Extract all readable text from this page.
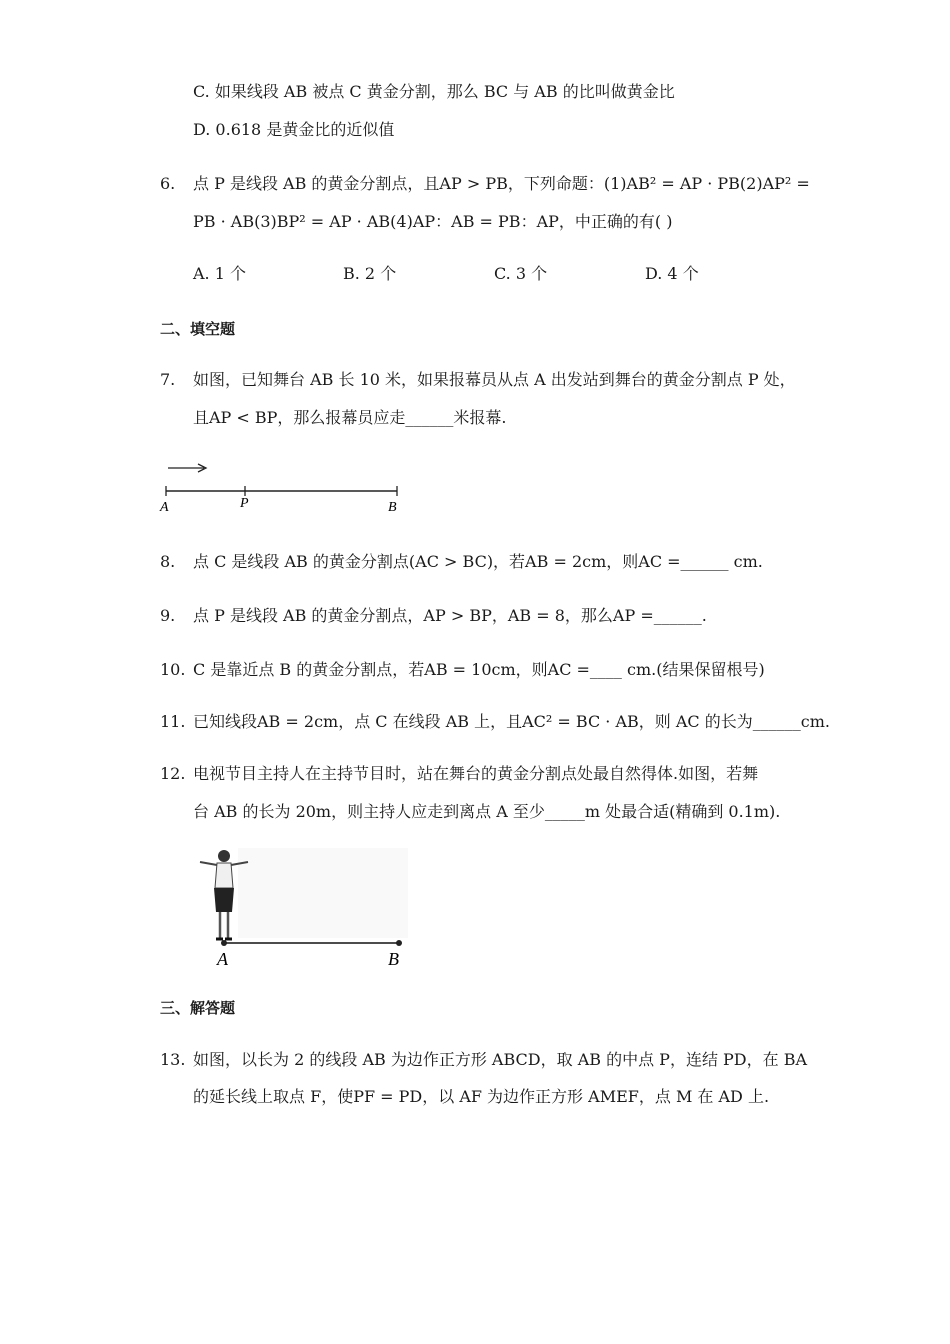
C. 如果线段 AB 被点 C 黄金分割，那么 BC 与 AB 的比叫做黄金比
D. 0.618 是黄金比的近似值
6. 点 P 是线段 AB 的黄金分割点，且AP > PB，下列命题：(1)AB² = AP · PB(2)AP² =
PB · AB(3)BP² = AP · AB(4)AP：AB = PB：AP，中正确的有( )
A. 1 个	B. 2 个	C. 3 个	D. 4 个
二、填空题
7. 如图，已知舞台 AB 长 10 米，如果报幕员从点 A 出发站到舞台的黄金分割点 P 处，
且AP < BP，那么报幕员应走______米报幕.
A	P	B
8. 点 C 是线段 AB 的黄金分割点(AC > BC)，若AB = 2cm，则AC =______ cm.
9. 点 P 是线段 AB 的黄金分割点，AP > BP，AB = 8，那么AP =______.
10. C 是靠近点 B 的黄金分割点，若AB = 10cm，则AC =____ cm.(结果保留根号)
11. 已知线段AB = 2cm，点 C 在线段 AB 上，且AC² = BC · AB，则 AC 的长为______cm.
12. 电视节目主持人在主持节目时，站在舞台的黄金分割点处最自然得体.如图，若舞
台 AB 的长为 20m，则主持人应走到离点 A 至少_____m 处最合适(精确到 0.1m).
A	B
三、解答题
13. 如图，以长为 2 的线段 AB 为边作正方形 ABCD，取 AB 的中点 P，连结 PD，在 BA
的延长线上取点 F，使PF = PD，以 AF 为边作正方形 AMEF，点 M 在 AD 上.
